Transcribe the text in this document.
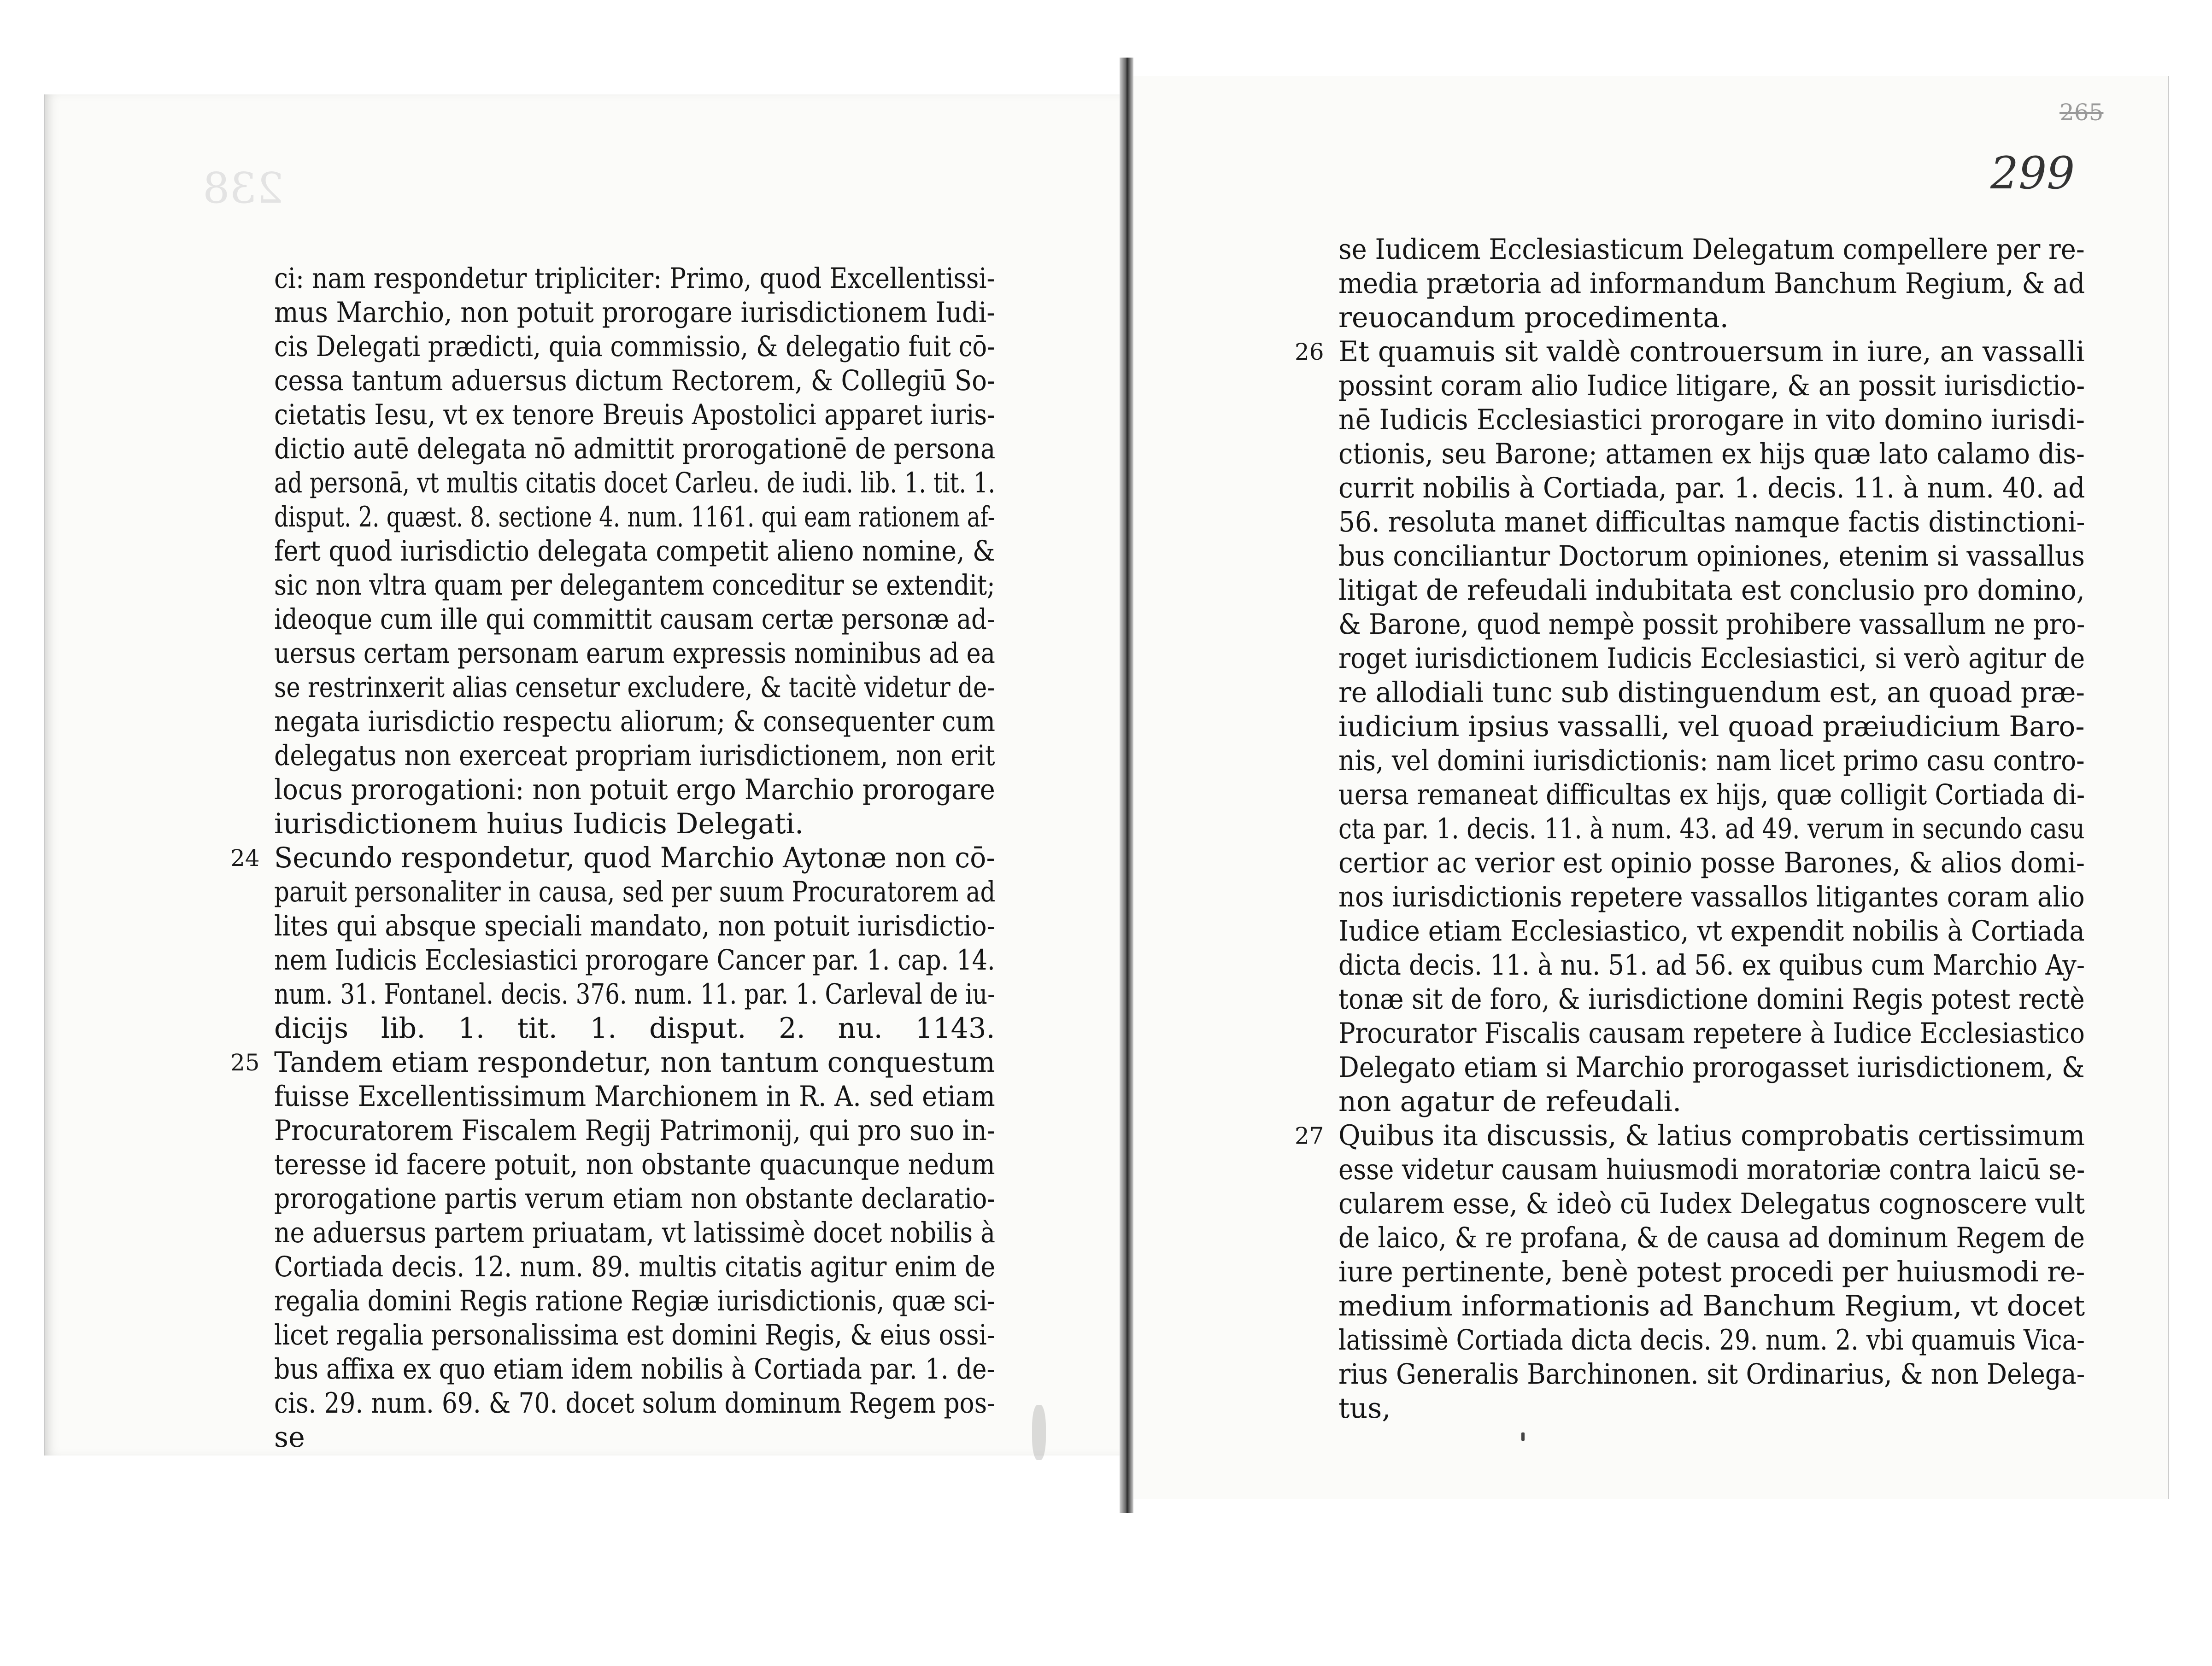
238	299
265
ci: nam respondetur tripliciter: Primo, quod Excellentissi-
mus Marchio, non potuit prorogare iurisdictionem Iudi-
cis Delegati prædicti, quia commissio, & delegatio fuit cō-
cessa tantum aduersus dictum Rectorem, & Collegiū So-
cietatis Iesu, vt ex tenore Breuis Apostolici apparet iuris-
dictio autē delegata nō admittit prorogationē de persona
ad personā, vt multis citatis docet Carleu. de iudi. lib. 1. tit. 1.
disput. 2. quæst. 8. sectione 4. num. 1161. qui eam rationem af-
fert quod iurisdictio delegata competit alieno nomine, &
sic non vltra quam per delegantem conceditur se extendit;
ideoque cum ille qui committit causam certæ personæ ad-
uersus certam personam earum expressis nominibus ad ea
se restrinxerit alias censetur excludere, & tacitè videtur de-
negata iurisdictio respectu aliorum; & consequenter cum
delegatus non exerceat propriam iurisdictionem, non erit
locus prorogationi: non potuit ergo Marchio prorogare
iurisdictionem huius Iudicis Delegati.
Secundo respondetur, quod Marchio Aytonæ non cō-
paruit personaliter in causa, sed per suum Procuratorem ad
lites qui absque speciali mandato, non potuit iurisdictio-
nem Iudicis Ecclesiastici prorogare Cancer par. 1. cap. 14.
num. 31. Fontanel. decis. 376. num. 11. par. 1. Carleval de iu-
dicijs lib. 1. tit. 1. disput. 2. nu. 1143.
Tandem etiam respondetur, non tantum conquestum
fuisse Excellentissimum Marchionem in R. A. sed etiam
Procuratorem Fiscalem Regij Patrimonij, qui pro suo in-
teresse id facere potuit, non obstante quacunque nedum
prorogatione partis verum etiam non obstante declaratio-
ne aduersus partem priuatam, vt latissimè docet nobilis à
Cortiada decis. 12. num. 89. multis citatis agitur enim de
regalia domini Regis ratione Regiæ iurisdictionis, quæ sci-
licet regalia personalissima est domini Regis, & eius ossi-
bus affixa ex quo etiam idem nobilis à Cortiada par. 1. de-
cis. 29. num. 69. & 70. docet solum dominum Regem pos-
se
24
25
se Iudicem Ecclesiasticum Delegatum compellere per re-
media prætoria ad informandum Banchum Regium, & ad
reuocandum procedimenta.
Et quamuis sit valdè controuersum in iure, an vassalli
possint coram alio Iudice litigare, & an possit iurisdictio-
nē Iudicis Ecclesiastici prorogare in vito domino iurisdi-
ctionis, seu Barone; attamen ex hijs quæ lato calamo dis-
currit nobilis à Cortiada, par. 1. decis. 11. à num. 40. ad
56. resoluta manet difficultas namque factis distinctioni-
bus conciliantur Doctorum opiniones, etenim si vassallus
litigat de refeudali indubitata est conclusio pro domino,
& Barone, quod nempè possit prohibere vassallum ne pro-
roget iurisdictionem Iudicis Ecclesiastici, si verò agitur de
re allodiali tunc sub distinguendum est, an quoad præ-
iudicium ipsius vassalli, vel quoad præiudicium Baro-
nis, vel domini iurisdictionis: nam licet primo casu contro-
uersa remaneat difficultas ex hijs, quæ colligit Cortiada di-
cta par. 1. decis. 11. à num. 43. ad 49. verum in secundo casu
certior ac verior est opinio posse Barones, & alios domi-
nos iurisdictionis repetere vassallos litigantes coram alio
Iudice etiam Ecclesiastico, vt expendit nobilis à Cortiada
dicta decis. 11. à nu. 51. ad 56. ex quibus cum Marchio Ay-
tonæ sit de foro, & iurisdictione domini Regis potest rectè
Procurator Fiscalis causam repetere à Iudice Ecclesiastico
Delegato etiam si Marchio prorogasset iurisdictionem, &
non agatur de refeudali.
Quibus ita discussis, & latius comprobatis certissimum
esse videtur causam huiusmodi moratoriæ contra laicū se-
cularem esse, & ideò cū Iudex Delegatus cognoscere vult
de laico, & re profana, & de causa ad dominum Regem de
iure pertinente, benè potest procedi per huiusmodi re-
medium informationis ad Banchum Regium, vt docet
latissimè Cortiada dicta decis. 29. num. 2. vbi quamuis Vica-
rius Generalis Barchinonen. sit Ordinarius, & non Delega-
tus,
26
27
